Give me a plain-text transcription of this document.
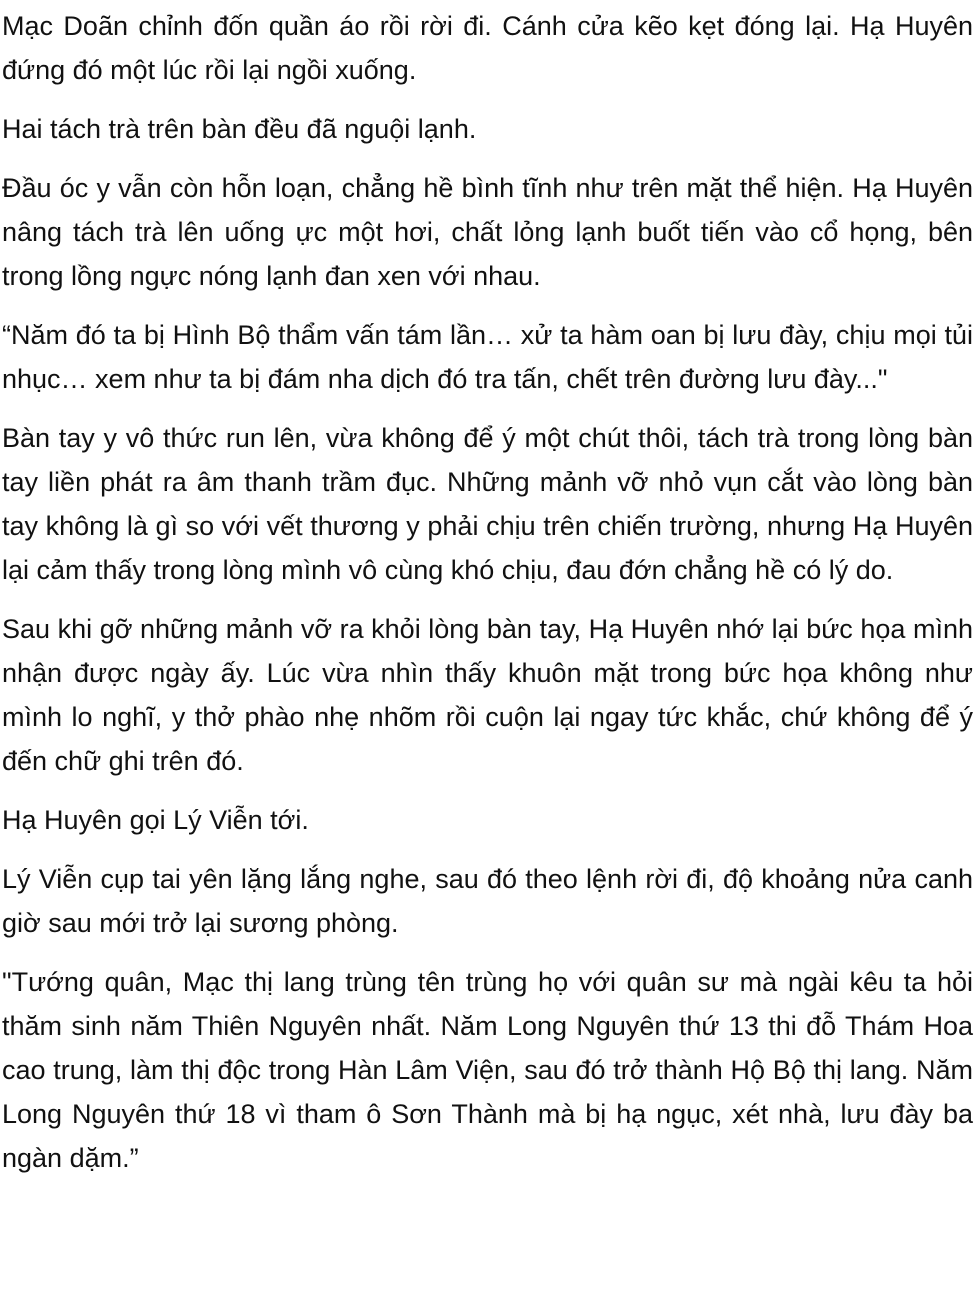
Mạc Doãn chỉnh đốn quần áo rồi rời đi. Cánh cửa kẽo kẹt đóng lại. Hạ Huyên đứng đó một lúc rồi lại ngồi xuống.

Hai tách trà trên bàn đều đã nguội lạnh.

Đầu óc y vẫn còn hỗn loạn, chẳng hề bình tĩnh như trên mặt thể hiện. Hạ Huyên nâng tách trà lên uống ực một hơi, chất lỏng lạnh buốt tiến vào cổ họng, bên trong lồng ngực nóng lạnh đan xen với nhau.

“Năm đó ta bị Hình Bộ thẩm vấn tám lần… xử ta hàm oan bị lưu đày, chịu mọi tủi nhục… xem như ta bị đám nha dịch đó tra tấn, chết trên đường lưu đày..."

Bàn tay y vô thức run lên, vừa không để ý một chút thôi, tách trà trong lòng bàn tay liền phát ra âm thanh trầm đục. Những mảnh vỡ nhỏ vụn cắt vào lòng bàn tay không là gì so với vết thương y phải chịu trên chiến trường, nhưng Hạ Huyên lại cảm thấy trong lòng mình vô cùng khó chịu, đau đớn chẳng hề có lý do.

Sau khi gỡ những mảnh vỡ ra khỏi lòng bàn tay, Hạ Huyên nhớ lại bức họa mình nhận được ngày ấy. Lúc vừa nhìn thấy khuôn mặt trong bức họa không như mình lo nghĩ, y thở phào nhẹ nhõm rồi cuộn lại ngay tức khắc, chứ không để ý đến chữ ghi trên đó.

Hạ Huyên gọi Lý Viễn tới.

Lý Viễn cụp tai yên lặng lắng nghe, sau đó theo lệnh rời đi, độ khoảng nửa canh giờ sau mới trở lại sương phòng.

"Tướng quân, Mạc thị lang trùng tên trùng họ với quân sư mà ngài kêu ta hỏi thăm sinh năm Thiên Nguyên nhất. Năm Long Nguyên thứ 13 thi đỗ Thám Hoa cao trung, làm thị độc trong Hàn Lâm Viện, sau đó trở thành Hộ Bộ thị lang. Năm Long Nguyên thứ 18 vì tham ô Sơn Thành mà bị hạ ngục, xét nhà, lưu đày ba ngàn dặm.”
